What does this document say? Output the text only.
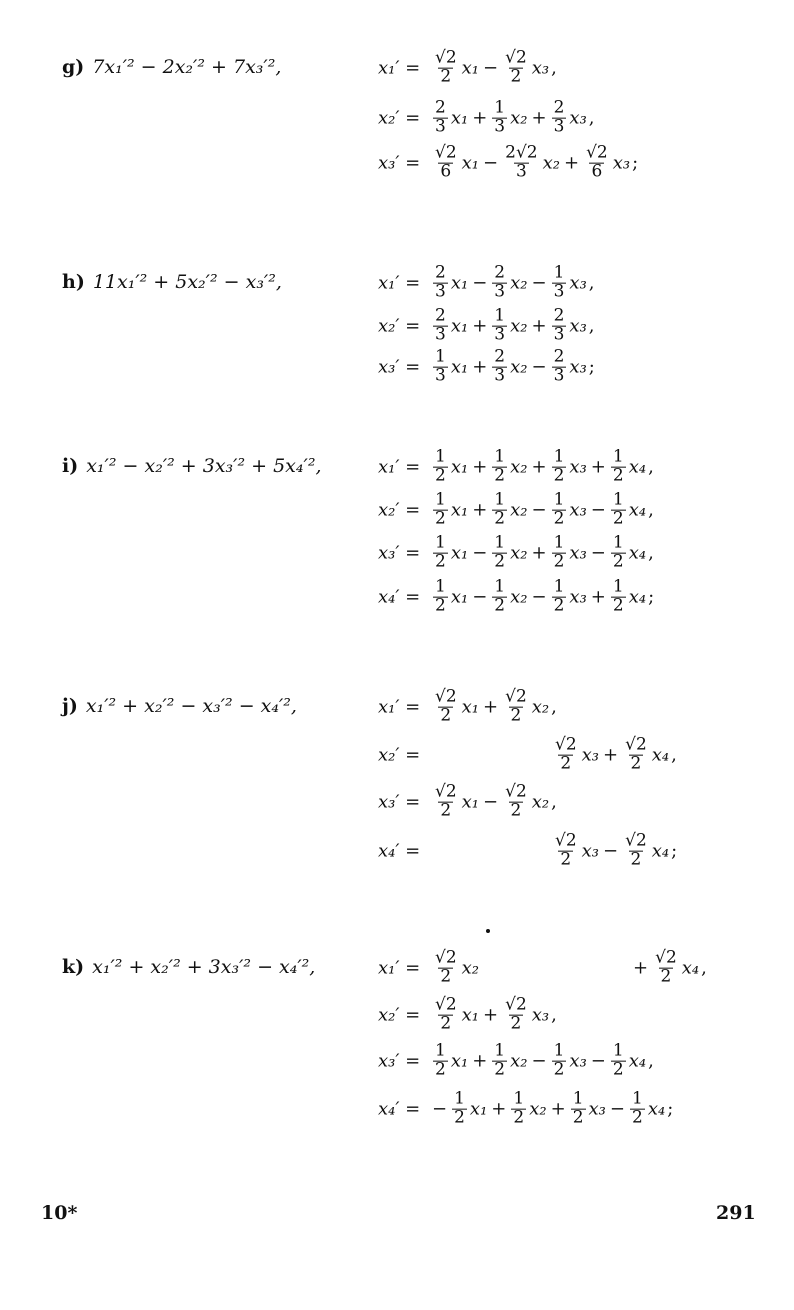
g) 7x₁′² − 2x₂′² + 7x₃′²,	$x_1' = \frac{√2}{2} x_1 - \frac{√2}{2} x_3$ ,
$x_2' = \frac{2}{3} x_1 + \frac{1}{3} x_2 + \frac{2}{3} x_3$ ,
$x_3' = \frac{√2}{6} x_1 - \frac{2√2}{3} x_2 + \frac{√2}{6} x_3$ ;
h) 11x₁′² + 5x₂′² − x₃′²,	$x_1' = \frac{2}{3} x_1 - \frac{2}{3} x_2 - \frac{1}{3} x_3$ ,
$x_2' = \frac{2}{3} x_1 + \frac{1}{3} x_2 + \frac{2}{3} x_3$ ,
$x_3' = \frac{1}{3} x_1 + \frac{2}{3} x_2 - \frac{2}{3} x_3$ ;
i) x₁′² − x₂′² + 3x₃′² + 5x₄′²,	$x_1' = \frac{1}{2} x_1 + \frac{1}{2} x_2 + \frac{1}{2} x_3 + \frac{1}{2} x_4$ ,
$x_2' = \frac{1}{2} x_1 + \frac{1}{2} x_2 - \frac{1}{2} x_3 - \frac{1}{2} x_4$ ,
$x_3' = \frac{1}{2} x_1 - \frac{1}{2} x_2 + \frac{1}{2} x_3 - \frac{1}{2} x_4$ ,
$x_4' = \frac{1}{2} x_1 - \frac{1}{2} x_2 - \frac{1}{2} x_3 + \frac{1}{2} x_4$ ;
j) x₁′² + x₂′² − x₃′² − x₄′²,	$x_1' = \frac{√2}{2} x_1 + \frac{√2}{2} x_2$ ,
x₂′ =	$\frac{√2}{2} x_3 + \frac{√2}{2} x_4$ ,
$x_3' = \frac{√2}{2} x_1 - \frac{√2}{2} x_2$ ,
x₄′ =	$\frac{√2}{2} x_3 - \frac{√2}{2} x_4$ ;
k) x₁′² + x₂′² + 3x₃′² − x₄′²,	$x_1' = \frac{√2}{2} x_2$	+ $\frac{√2}{2} x_4$ ,
$x_2' = \frac{√2}{2} x_1 + \frac{√2}{2} x_3$ ,
$x_3' = \frac{1}{2} x_1 + \frac{1}{2} x_2 - \frac{1}{2} x_3 - \frac{1}{2} x_4$ ,
x₄′ = − $\frac{1}{2} x_1 + \frac{1}{2} x_2 + \frac{1}{2} x_3 - \frac{1}{2} x_4$ ;
10*	291
